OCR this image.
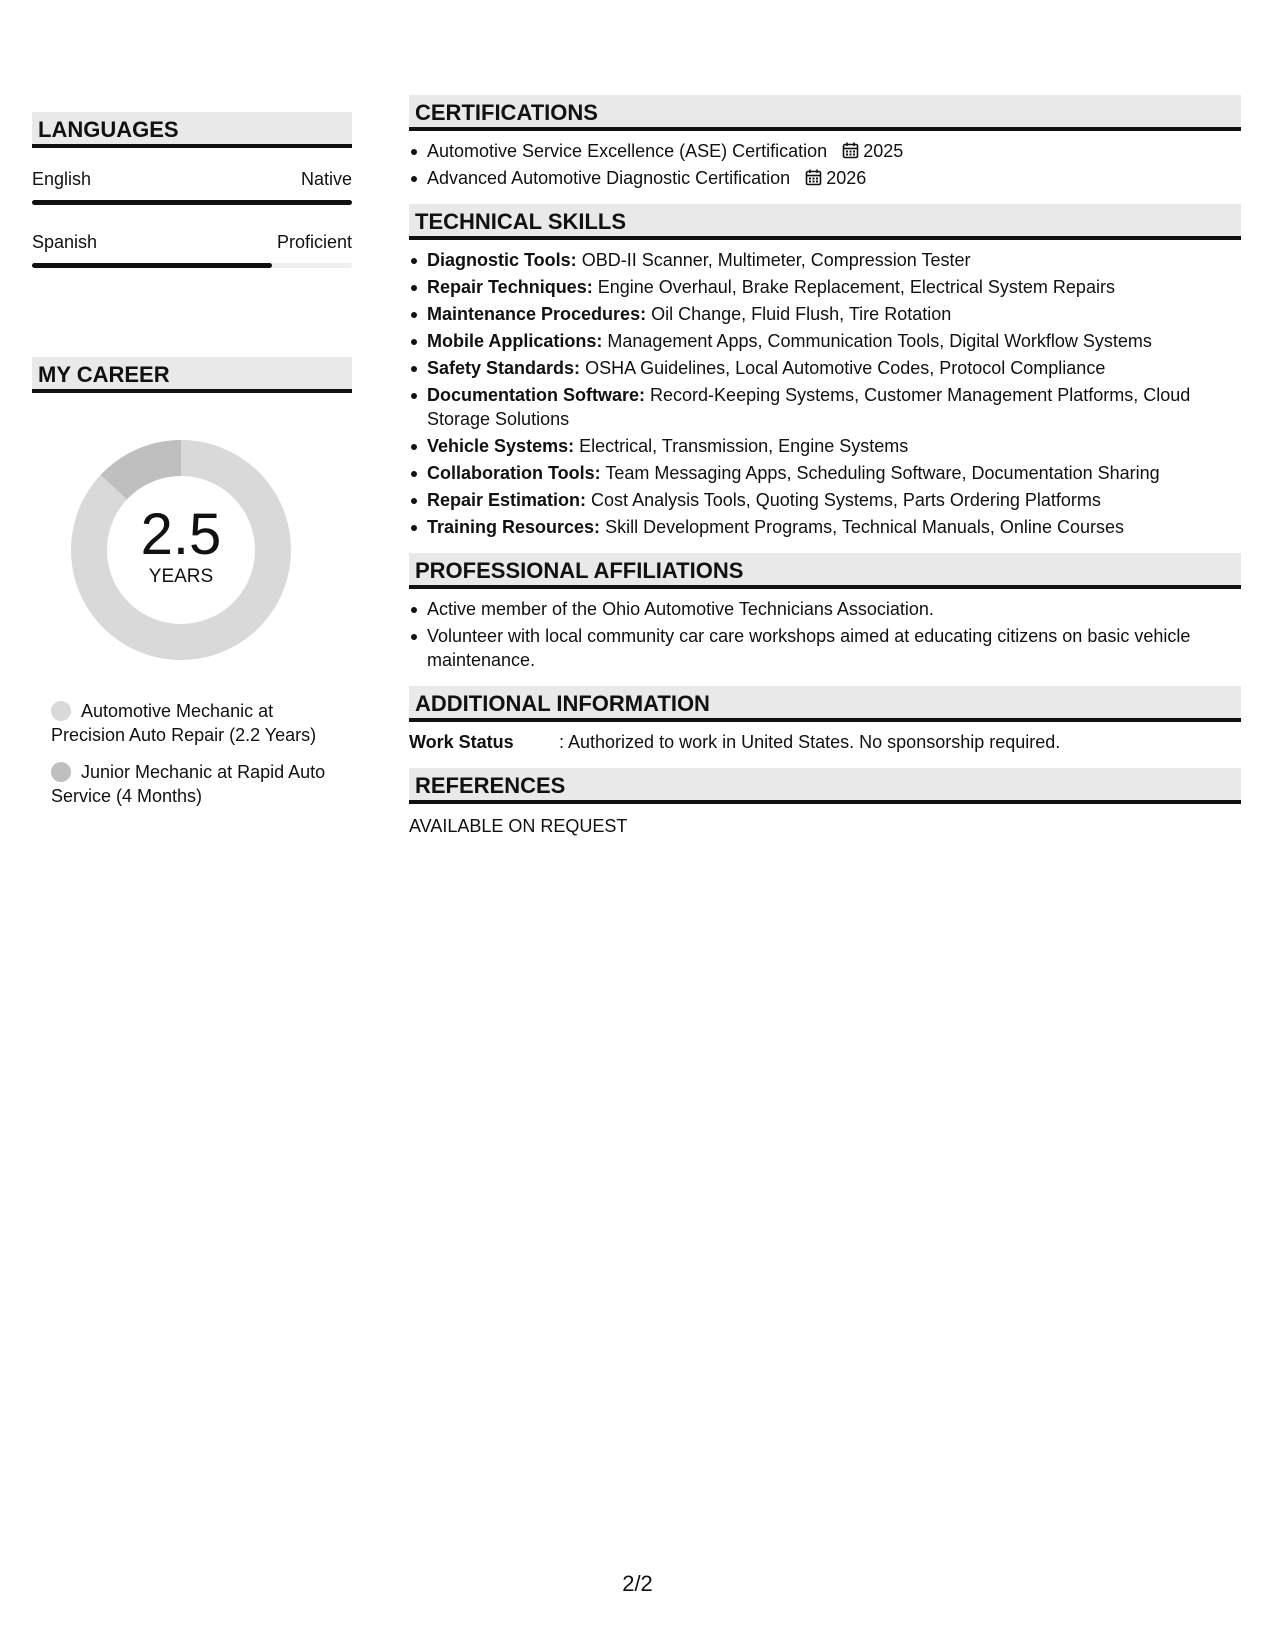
LANGUAGES
English	Native
Spanish	Proficient
MY CAREER
2.5
YEARS
Automotive Mechanic at Precision Auto Repair (2.2 Years)
Junior Mechanic at Rapid Auto Service (4 Months)
CERTIFICATIONS
Automotive Service Excellence (ASE) Certification 2025
Advanced Automotive Diagnostic Certification 2026
TECHNICAL SKILLS
Diagnostic Tools: OBD-II Scanner, Multimeter, Compression Tester
Repair Techniques: Engine Overhaul, Brake Replacement, Electrical System Repairs
Maintenance Procedures: Oil Change, Fluid Flush, Tire Rotation
Mobile Applications: Management Apps, Communication Tools, Digital Workflow Systems
Safety Standards: OSHA Guidelines, Local Automotive Codes, Protocol Compliance
Documentation Software: Record-Keeping Systems, Customer Management Platforms, Cloud Storage Solutions
Vehicle Systems: Electrical, Transmission, Engine Systems
Collaboration Tools: Team Messaging Apps, Scheduling Software, Documentation Sharing
Repair Estimation: Cost Analysis Tools, Quoting Systems, Parts Ordering Platforms
Training Resources: Skill Development Programs, Technical Manuals, Online Courses
PROFESSIONAL AFFILIATIONS
Active member of the Ohio Automotive Technicians Association.
Volunteer with local community car care workshops aimed at educating citizens on basic vehicle maintenance.
ADDITIONAL INFORMATION
Work Status	: Authorized to work in United States. No sponsorship required.
REFERENCES
AVAILABLE ON REQUEST
2/2
